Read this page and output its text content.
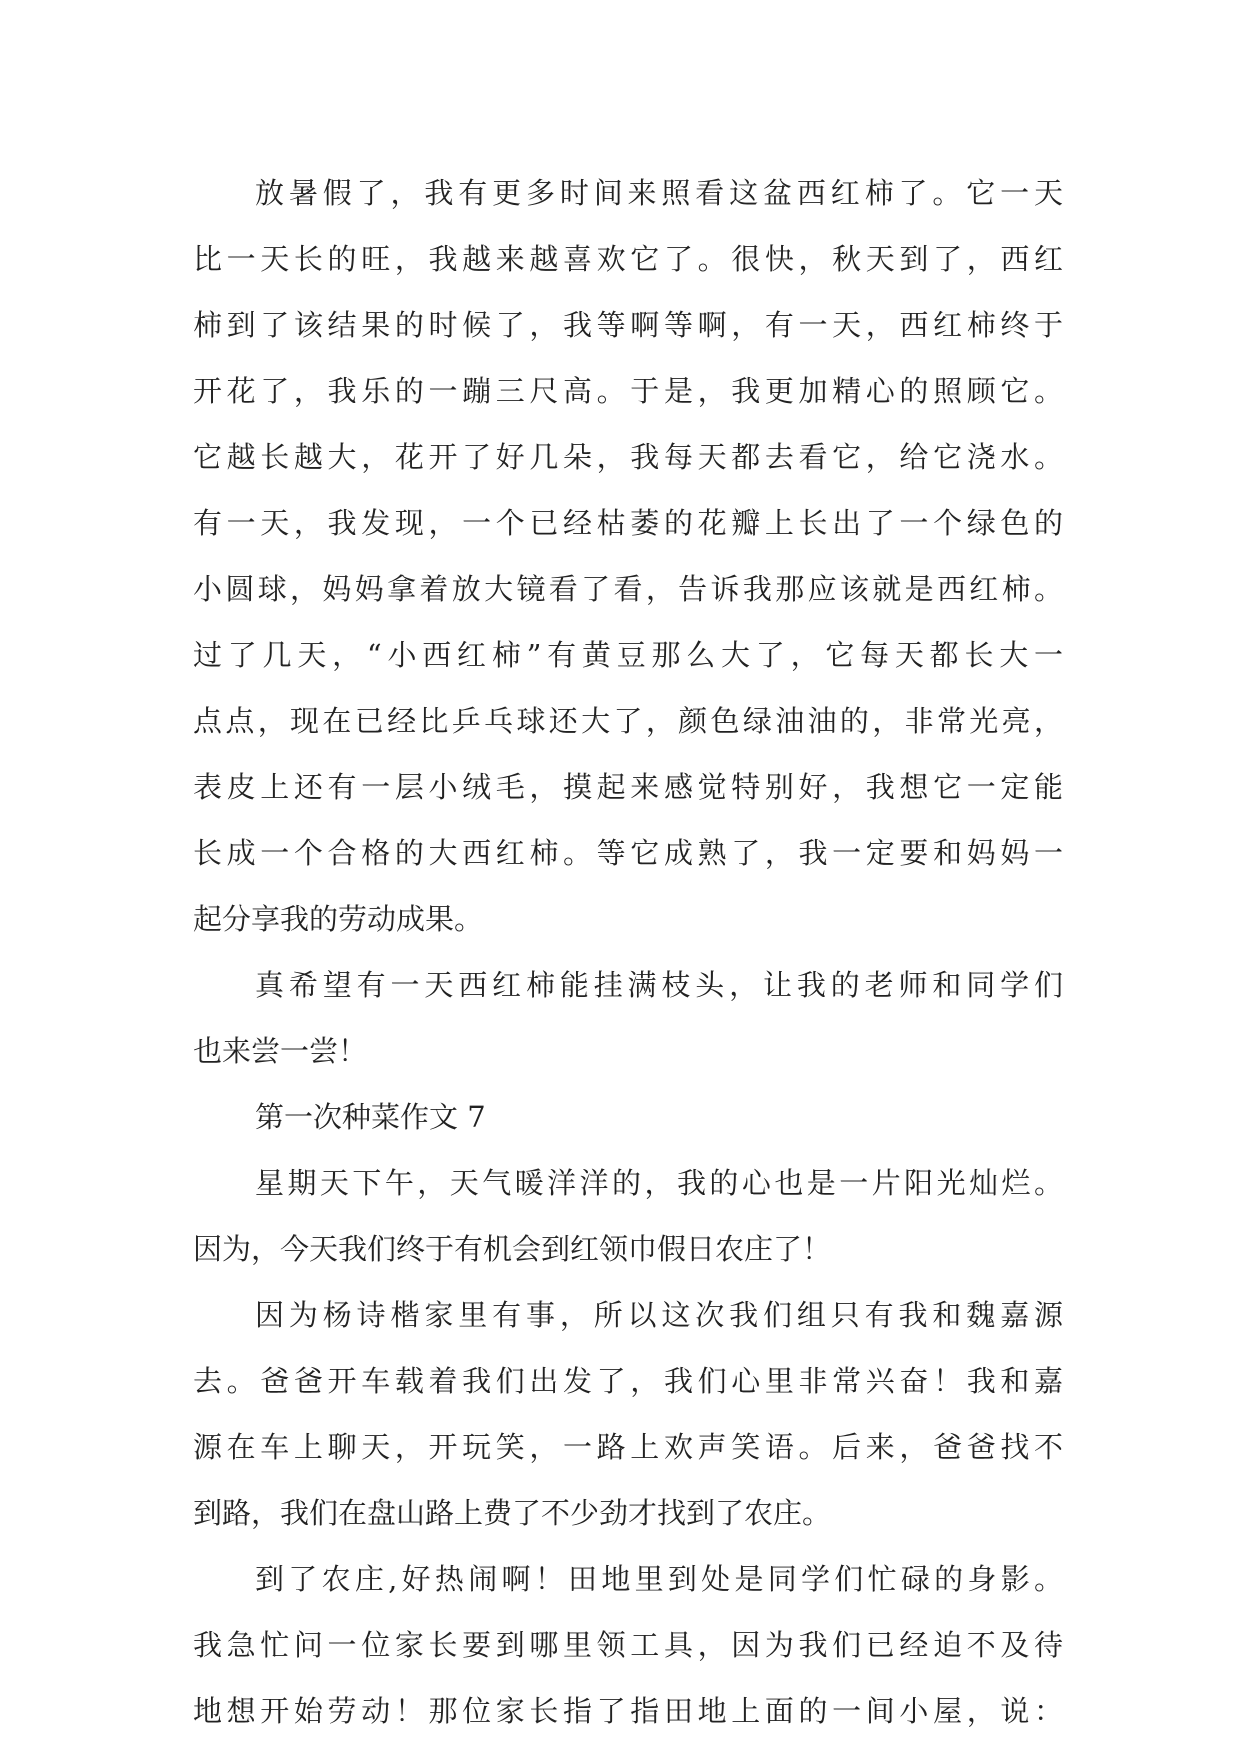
放暑假了，我有更多时间来照看这盆西红柿了。它一天
比一天长的旺，我越来越喜欢它了。很快，秋天到了，西红
柿到了该结果的时候了，我等啊等啊，有一天，西红柿终于
开花了，我乐的一蹦三尺高。于是，我更加精心的照顾它。
它越长越大，花开了好几朵，我每天都去看它，给它浇水。
有一天，我发现，一个已经枯萎的花瓣上长出了一个绿色的
小圆球，妈妈拿着放大镜看了看，告诉我那应该就是西红柿。
过了几天，“小西红柿”有黄豆那么大了，它每天都长大一
点点，现在已经比乒乓球还大了，颜色绿油油的，非常光亮，
表皮上还有一层小绒毛，摸起来感觉特别好，我想它一定能
长成一个合格的大西红柿。等它成熟了，我一定要和妈妈一
起分享我的劳动成果。
真希望有一天西红柿能挂满枝头，让我的老师和同学们
也来尝一尝！
第一次种菜作文 7
星期天下午，天气暖洋洋的，我的心也是一片阳光灿烂。
因为，今天我们终于有机会到红领巾假日农庄了！
因为杨诗楷家里有事，所以这次我们组只有我和魏嘉源
去。爸爸开车载着我们出发了，我们心里非常兴奋！我和嘉
源在车上聊天，开玩笑，一路上欢声笑语。后来，爸爸找不
到路，我们在盘山路上费了不少劲才找到了农庄。
到了农庄,好热闹啊！田地里到处是同学们忙碌的身影。
我急忙问一位家长要到哪里领工具，因为我们已经迫不及待
地想开始劳动！那位家长指了指田地上面的一间小屋，说：
